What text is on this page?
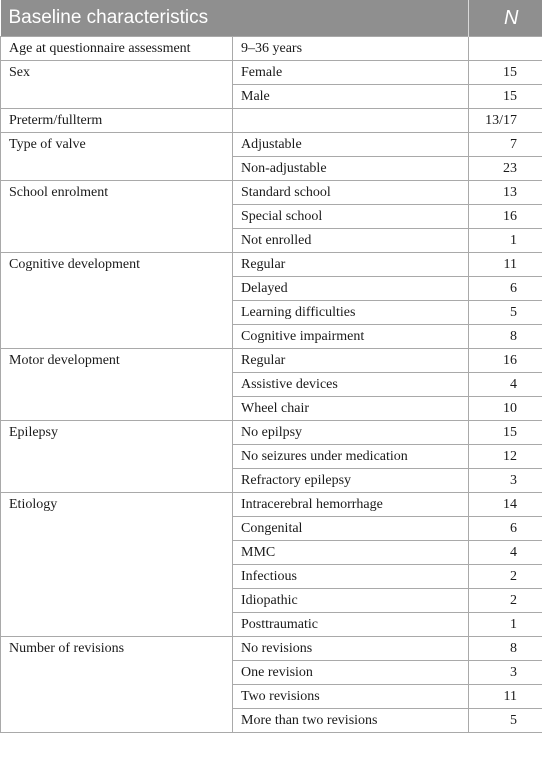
Baseline characteristics		N
Age at questionnaire assessment	9–36 years	
Sex	Female	15
	Male	15
Preterm/fullterm		13/17
Type of valve	Adjustable	7
	Non-adjustable	23
School enrolment	Standard school	13
	Special school	16
	Not enrolled	1
Cognitive development	Regular	11
	Delayed	6
	Learning difficulties	5
	Cognitive impairment	8
Motor development	Regular	16
	Assistive devices	4
	Wheel chair	10
Epilepsy	No epilpsy	15
	No seizures under medication	12
	Refractory epilepsy	3
Etiology	Intracerebral hemorrhage	14
	Congenital	6
	MMC	4
	Infectious	2
	Idiopathic	2
	Posttraumatic	1
Number of revisions	No revisions	8
	One revision	3
	Two revisions	11
	More than two revisions	5
